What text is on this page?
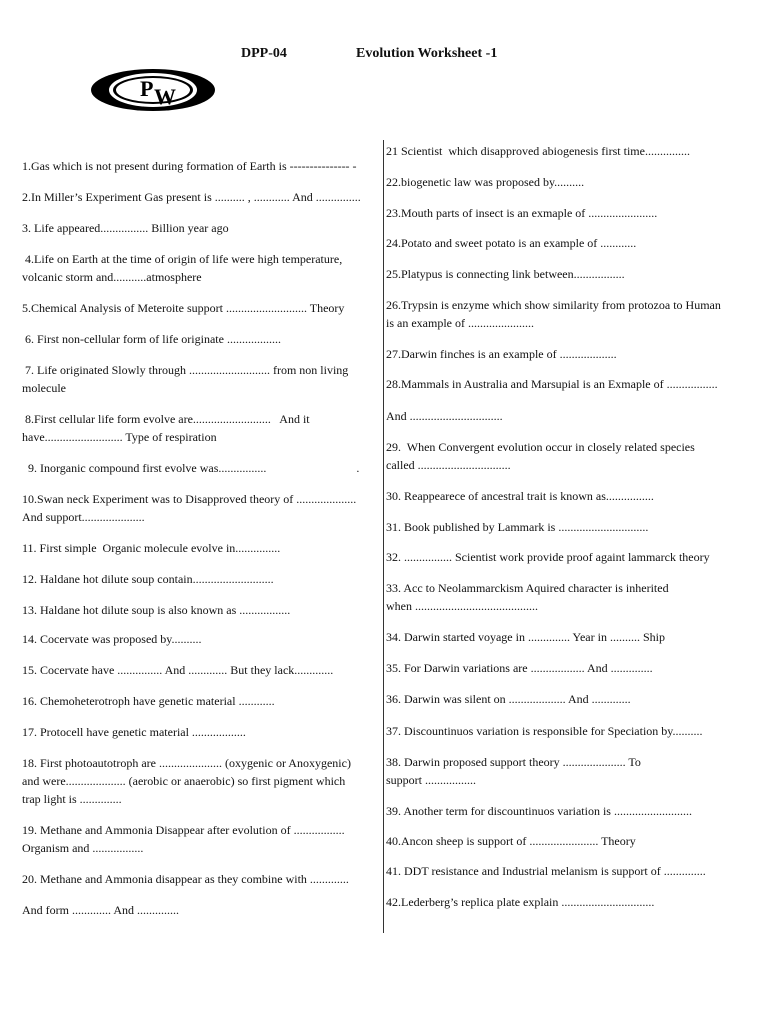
DPP-04	Evolution Worksheet -1
P W

1.Gas which is not present during formation of Earth is --------------- -

2.In Miller’s Experiment Gas present is .......... , ............ And ...............

3. Life appeared................ Billion year ago

4.Life on Earth at the time of origin of life were high temperature,
volcanic storm and...........atmosphere

5.Chemical Analysis of Meteroite support ........................... Theory

6. First non-cellular form of life originate ..................

7. Life originated Slowly through ........................... from non living
molecule

8.First cellular life form evolve are..........................   And it
have.......................... Type of respiration

9. Inorganic compound first evolve was................                              .

10.Swan neck Experiment was to Disapproved theory of ....................
And support.....................

11. First simple  Organic molecule evolve in...............

12. Haldane hot dilute soup contain...........................

13. Haldane hot dilute soup is also known as .................

14. Cocervate was proposed by..........

15. Cocervate have ............... And ............. But they lack.............

16. Chemoheterotroph have genetic material ............

17. Protocell have genetic material ..................

18. First photoautotroph are ..................... (oxygenic or Anoxygenic)
and were.................... (aerobic or anaerobic) so first pigment which
trap light is ..............

19. Methane and Ammonia Disappear after evolution of .................
Organism and .................

20. Methane and Ammonia disappear as they combine with .............

And form ............. And ..............

21 Scientist  which disapproved abiogenesis first time...............

22.biogenetic law was proposed by..........

23.Mouth parts of insect is an exmaple of .......................

24.Potato and sweet potato is an example of ............

25.Platypus is connecting link between.................

26.Trypsin is enzyme which show similarity from protozoa to Human
is an example of ......................

27.Darwin finches is an example of ...................

28.Mammals in Australia and Marsupial is an Exmaple of .................

And ...............................

29.  When Convergent evolution occur in closely related species
called ...............................

30. Reappearece of ancestral trait is known as................

31. Book published by Lammark is ..............................

32. ................ Scientist work provide proof againt lammarck theory

33. Acc to Neolammarckism Aquired character is inherited
when .........................................

34. Darwin started voyage in .............. Year in .......... Ship

35. For Darwin variations are .................. And ..............

36. Darwin was silent on ................... And .............

37. Discountinuos variation is responsible for Speciation by..........

38. Darwin proposed support theory ..................... To
support .................

39. Another term for discountinuos variation is ..........................

40.Ancon sheep is support of ....................... Theory

41. DDT resistance and Industrial melanism is support of ..............

42.Lederberg’s replica plate explain ...............................
